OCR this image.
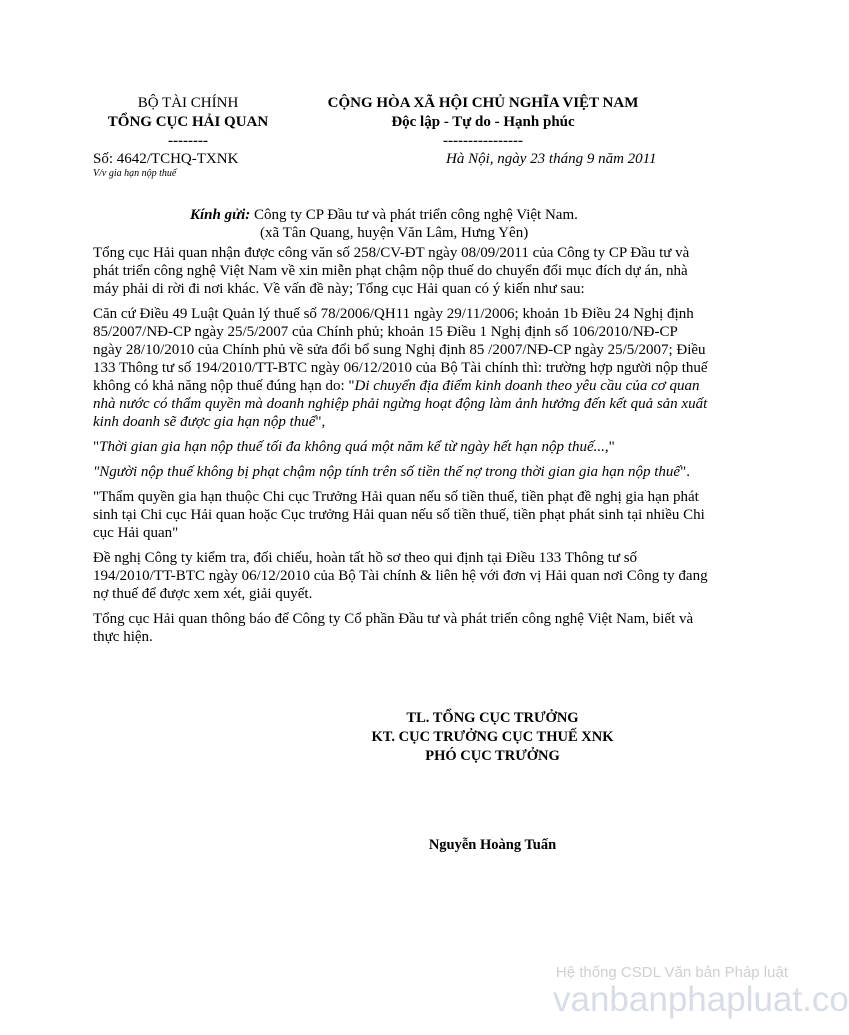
BỘ TÀI CHÍNH
TỔNG CỤC HẢI QUAN
--------
CỘNG HÒA XÃ HỘI CHỦ NGHĨA VIỆT NAM
Độc lập - Tự do - Hạnh phúc
----------------
Số: 4642/TCHQ-TXNK
V/v gia hạn nộp thuế
Hà Nội, ngày 23 tháng 9 năm 2011
Kính gửi: Công ty CP Đầu tư và phát triển công nghệ Việt Nam.
(xã Tân Quang, huyện Văn Lâm, Hưng Yên)

Tổng cục Hải quan nhận được công văn số 258/CV-ĐT ngày 08/09/2011 của Công ty CP Đầu tư và phát triển công nghệ Việt Nam về xin miễn phạt chậm nộp thuế do chuyển đổi mục đích dự án, nhà máy phải di rời đi nơi khác. Về vấn đề này; Tổng cục Hải quan có ý kiến như sau:

Căn cứ Điều 49 Luật Quản lý thuế số 78/2006/QH11 ngày 29/11/2006; khoản 1b Điều 24 Nghị định 85/2007/NĐ-CP ngày 25/5/2007 của Chính phủ; khoản 15 Điều 1 Nghị định số 106/2010/NĐ-CP ngày 28/10/2010 của Chính phủ về sửa đổi bổ sung Nghị định 85 /2007/NĐ-CP ngày 25/5/2007; Điều 133 Thông tư số 194/2010/TT-BTC ngày 06/12/2010 của Bộ Tài chính thì: trường hợp người nộp thuế không có khả năng nộp thuế đúng hạn do: "Di chuyển địa điểm kinh doanh theo yêu cầu của cơ quan nhà nước có thẩm quyền mà doanh nghiệp phải ngừng hoạt động làm ảnh hưởng đến kết quả sản xuất kinh doanh sẽ được gia hạn nộp thuế",

"Thời gian gia hạn nộp thuế tối đa không quá một năm kể từ ngày hết hạn nộp thuế...,"

"Người nộp thuế không bị phạt chậm nộp tính trên số tiền thế nợ trong thời gian gia hạn nộp thuế".

"Thẩm quyền gia hạn thuộc Chi cục Trưởng Hải quan nếu số tiền thuế, tiền phạt đề nghị gia hạn phát sinh tại Chi cục Hải quan hoặc Cục trưởng Hải quan nếu số tiền thuế, tiền phạt phát sinh tại nhiều Chi cục Hải quan"

Đề nghị Công ty kiểm tra, đối chiếu, hoàn tất hồ sơ theo qui định tại Điều 133 Thông tư số 194/2010/TT-BTC ngày 06/12/2010 của Bộ Tài chính & liên hệ với đơn vị Hải quan nơi Công ty đang nợ thuế để được xem xét, giải quyết.

Tổng cục Hải quan thông báo để Công ty Cổ phần Đầu tư và phát triển công nghệ Việt Nam, biết và thực hiện.

TL. TỔNG CỤC TRƯỞNG
KT. CỤC TRƯỞNG CỤC THUẾ XNK
PHÓ CỤC TRƯỞNG
Nguyễn Hoàng Tuấn
Hệ thống CSDL Văn bản Pháp luật
vanbanphapluat.co
